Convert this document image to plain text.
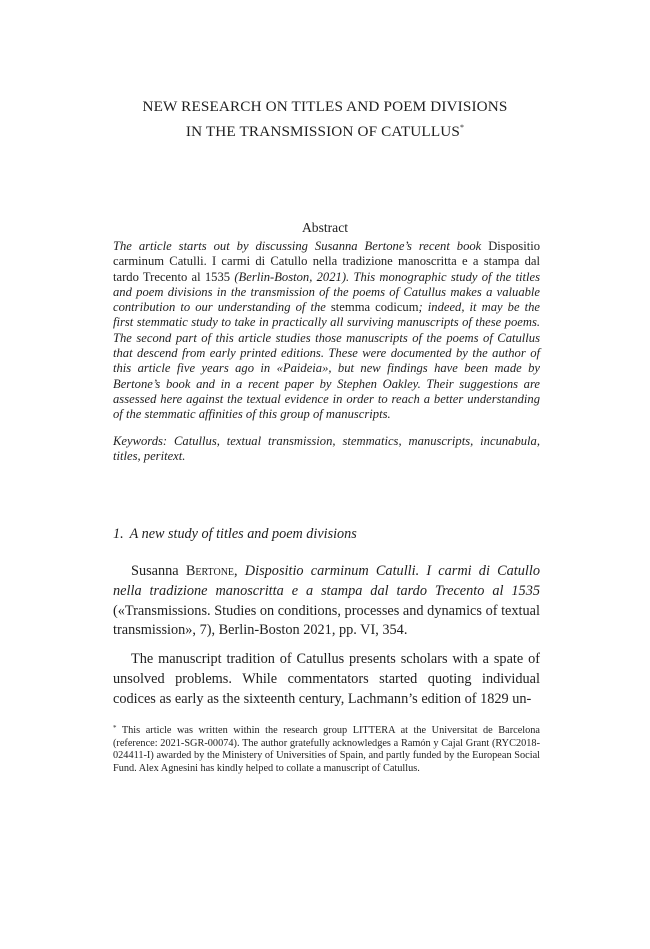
NEW RESEARCH ON TITLES AND POEM DIVISIONS
IN THE TRANSMISSION OF CATULLUS*
Abstract
The article starts out by discussing Susanna Bertone’s recent book Dispositio carminum Catulli. I carmi di Catullo nella tradizione manoscritta e a stampa dal tardo Trecento al 1535 (Berlin-Boston, 2021). This monographic study of the titles and poem divisions in the transmission of the poems of Catullus makes a valuable contribution to our understanding of the stemma codicum; indeed, it may be the first stemmatic study to take in practically all surviving manuscripts of these poems. The second part of this article studies those manuscripts of the poems of Catullus that descend from early printed editions. These were documented by the author of this article five years ago in «Paideia», but new findings have been made by Bertone’s book and in a recent paper by Stephen Oakley. Their suggestions are assessed here against the textual evidence in order to reach a better understanding of the stemmatic affinities of this group of manuscripts.
Keywords: Catullus, textual transmission, stemmatics, manuscripts, incunabula, titles, peritext.
1. A new study of titles and poem divisions
Susanna Bertone, Dispositio carminum Catulli. I carmi di Catullo nella tradizione manoscritta e a stampa dal tardo Trecento al 1535 («Transmissions. Studies on conditions, processes and dynamics of textual transmission», 7), Berlin-Boston 2021, pp. VI, 354.
The manuscript tradition of Catullus presents scholars with a spate of unsolved problems. While commentators started quoting individual codices as early as the sixteenth century, Lachmann’s edition of 1829 un-
* This article was written within the research group LITTERA at the Universitat de Barcelona (reference: 2021-SGR-00074). The author gratefully acknowledges a Ramón y Cajal Grant (RYC2018-024411-I) awarded by the Ministery of Universities of Spain, and partly funded by the European Social Fund. Alex Agnesini has kindly helped to collate a manuscript of Catullus.
